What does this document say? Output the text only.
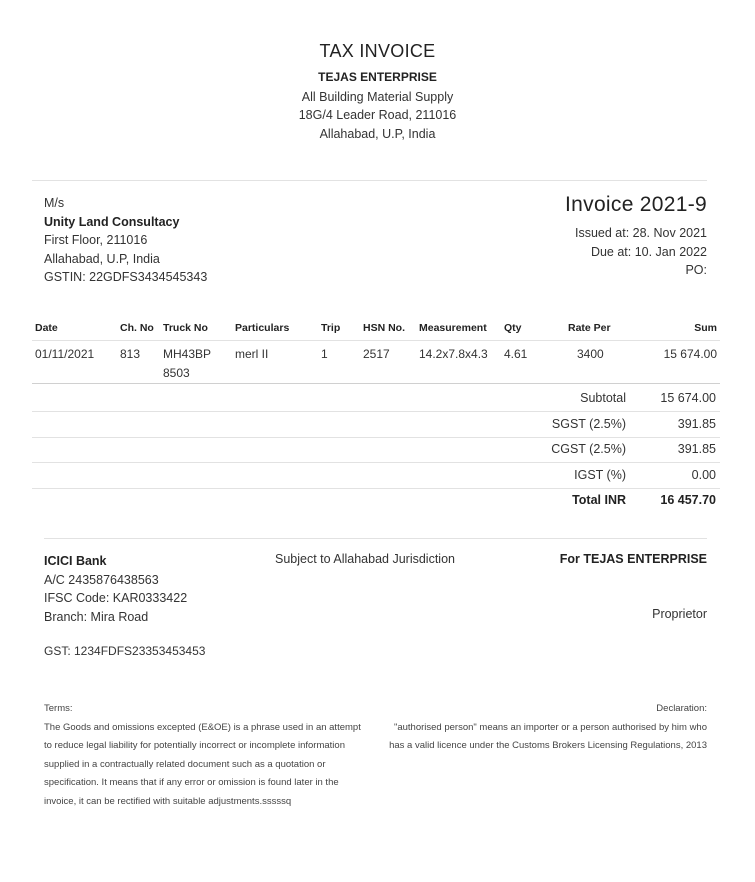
TAX INVOICE
TEJAS ENTERPRISE
All Building Material Supply
18G/4 Leader Road, 211016
Allahabad, U.P, India
M/s
Unity Land Consultacy
First Floor, 211016
Allahabad, U.P, India
GSTIN: 22GDFS3434545343
Invoice 2021-9
Issued at: 28. Nov 2021
Due at: 10. Jan 2022
PO:
Date	Ch. No	Truck No	Particulars	Trip	HSN No.	Measurement	Qty	Rate Per	Sum
01/11/2021	813	MH43BP 8503	merl II	1	2517	14.2x7.8x4.3	4.61	3400	15 674.00
Subtotal	15 674.00
SGST (2.5%)	391.85
CGST (2.5%)	391.85
IGST (%)	0.00
Total INR	16 457.70
ICICI Bank
A/C 2435876438563
IFSC Code: KAR0333422
Branch: Mira Road
Subject to Allahabad Jurisdiction	For TEJAS ENTERPRISE
Proprietor
GST: 1234FDFS23353453453
Terms:
The Goods and omissions excepted (E&OE) is a phrase used in an attempt to reduce legal liability for potentially incorrect or incomplete information supplied in a contractually related document such as a quotation or specification. It means that if any error or omission is found later in the invoice, it can be rectified with suitable adjustments.sssssq
Declaration:
"authorised person" means an importer or a person authorised by him who has a valid licence under the Customs Brokers Licensing Regulations, 2013
